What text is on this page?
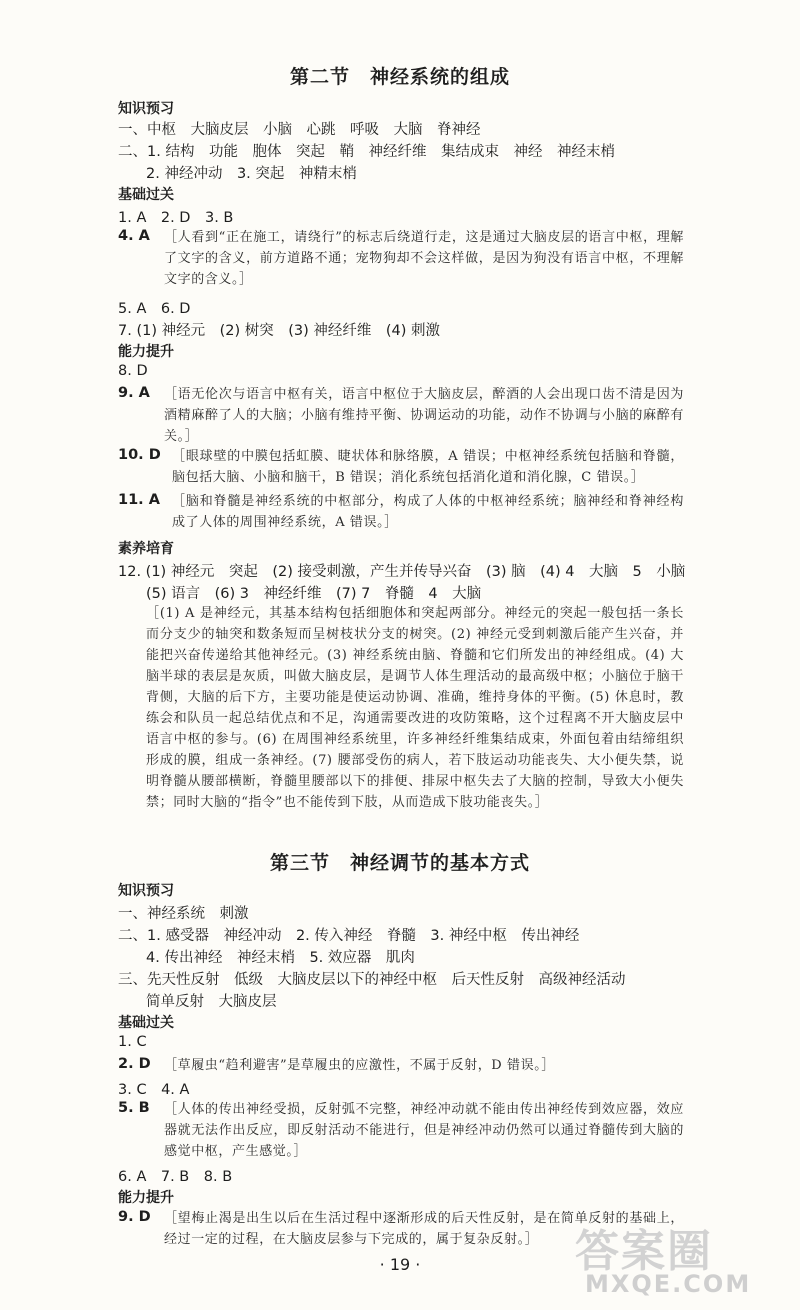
第二节　神经系统的组成
知识预习
一、中枢　大脑皮层　小脑　心跳　呼吸　大脑　脊神经
二、1. 结构　功能　胞体　突起　鞘　神经纤维　集结成束　神经　神经末梢
2. 神经冲动　3. 突起　神精末梢
基础过关
1. A　2. D　3. B
4. A ［人看到“正在施工，请绕行”的标志后绕道行走，这是通过大脑皮层的语言中枢，理解了文字的含义，前方道路不通；宠物狗却不会这样做，是因为狗没有语言中枢，不理解文字的含义。］
5. A　6. D
7. (1) 神经元　(2) 树突　(3) 神经纤维　(4) 刺激
能力提升
8. D
9. A ［语无伦次与语言中枢有关，语言中枢位于大脑皮层，醉酒的人会出现口齿不清是因为酒精麻醉了人的大脑；小脑有维持平衡、协调运动的功能，动作不协调与小脑的麻醉有关。］
10. D ［眼球壁的中膜包括虹膜、睫状体和脉络膜，A 错误；中枢神经系统包括脑和脊髓，脑包括大脑、小脑和脑干，B 错误；消化系统包括消化道和消化腺，C 错误。］
11. A ［脑和脊髓是神经系统的中枢部分，构成了人体的中枢神经系统；脑神经和脊神经构成了人体的周围神经系统，A 错误。］
素养培育
12. (1) 神经元　突起　(2) 接受刺激，产生并传导兴奋　(3) 脑　(4) 4　大脑　5　小脑
(5) 语言　(6) 3　神经纤维　(7) 7　脊髓　4　大脑
［(1) A 是神经元，其基本结构包括细胞体和突起两部分。神经元的突起一般包括一条长而分支少的轴突和数条短而呈树枝状分支的树突。(2) 神经元受到刺激后能产生兴奋，并能把兴奋传递给其他神经元。(3) 神经系统由脑、脊髓和它们所发出的神经组成。(4) 大脑半球的表层是灰质，叫做大脑皮层，是调节人体生理活动的最高级中枢；小脑位于脑干背侧，大脑的后下方，主要功能是使运动协调、准确，维持身体的平衡。(5) 休息时，教练会和队员一起总结优点和不足，沟通需要改进的攻防策略，这个过程离不开大脑皮层中语言中枢的参与。(6) 在周围神经系统里，许多神经纤维集结成束，外面包着由结缔组织形成的膜，组成一条神经。(7) 腰部受伤的病人，若下肢运动功能丧失、大小便失禁，说明脊髓从腰部横断，脊髓里腰部以下的排便、排尿中枢失去了大脑的控制，导致大小便失禁；同时大脑的“指令”也不能传到下肢，从而造成下肢功能丧失。］
第三节　神经调节的基本方式
知识预习
一、神经系统　刺激
二、1. 感受器　神经冲动　2. 传入神经　脊髓　3. 神经中枢　传出神经
4. 传出神经　神经末梢　5. 效应器　肌肉
三、先天性反射　低级　大脑皮层以下的神经中枢　后天性反射　高级神经活动
简单反射　大脑皮层
基础过关
1. C
2. D ［草履虫“趋利避害”是草履虫的应激性，不属于反射，D 错误。］
3. C　4. A
5. B ［人体的传出神经受损，反射弧不完整，神经冲动就不能由传出神经传到效应器，效应器就无法作出反应，即反射活动不能进行，但是神经冲动仍然可以通过脊髓传到大脑的感觉中枢，产生感觉。］
6. A　7. B　8. B
能力提升
9. D ［望梅止渴是出生以后在生活过程中逐渐形成的后天性反射，是在简单反射的基础上，经过一定的过程，在大脑皮层参与下完成的，属于复杂反射。］
· 19 ·	答案圈
MXQE.COM
